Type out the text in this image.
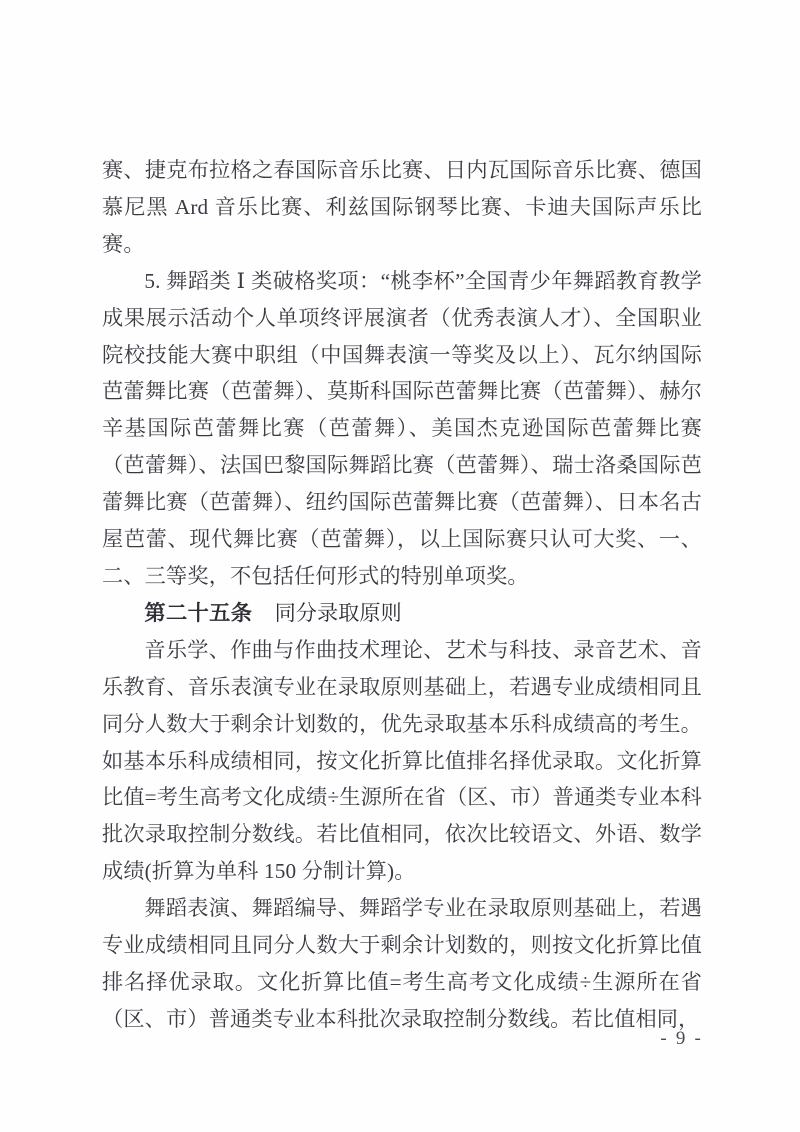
赛、捷克布拉格之春国际音乐比赛、日内瓦国际音乐比赛、德国慕尼黑 Ard 音乐比赛、利兹国际钢琴比赛、卡迪夫国际声乐比赛。

5. 舞蹈类 Ⅰ 类破格奖项：“桃李杯”全国青少年舞蹈教育教学成果展示活动个人单项终评展演者（优秀表演人才）、全国职业院校技能大赛中职组（中国舞表演一等奖及以上）、瓦尔纳国际芭蕾舞比赛（芭蕾舞）、莫斯科国际芭蕾舞比赛（芭蕾舞）、赫尔辛基国际芭蕾舞比赛（芭蕾舞）、美国杰克逊国际芭蕾舞比赛（芭蕾舞）、法国巴黎国际舞蹈比赛（芭蕾舞）、瑞士洛桑国际芭蕾舞比赛（芭蕾舞）、纽约国际芭蕾舞比赛（芭蕾舞）、日本名古屋芭蕾、现代舞比赛（芭蕾舞），以上国际赛只认可大奖、一、二、三等奖，不包括任何形式的特别单项奖。

第二十五条 同分录取原则

音乐学、作曲与作曲技术理论、艺术与科技、录音艺术、音乐教育、音乐表演专业在录取原则基础上，若遇专业成绩相同且同分人数大于剩余计划数的，优先录取基本乐科成绩高的考生。如基本乐科成绩相同，按文化折算比值排名择优录取。文化折算比值=考生高考文化成绩÷生源所在省（区、市）普通类专业本科批次录取控制分数线。若比值相同，依次比较语文、外语、数学成绩(折算为单科 150 分制计算)。

舞蹈表演、舞蹈编导、舞蹈学专业在录取原则基础上，若遇专业成绩相同且同分人数大于剩余计划数的，则按文化折算比值排名择优录取。文化折算比值=考生高考文化成绩÷生源所在省（区、市）普通类专业本科批次录取控制分数线。若比值相同，

- 9 -
